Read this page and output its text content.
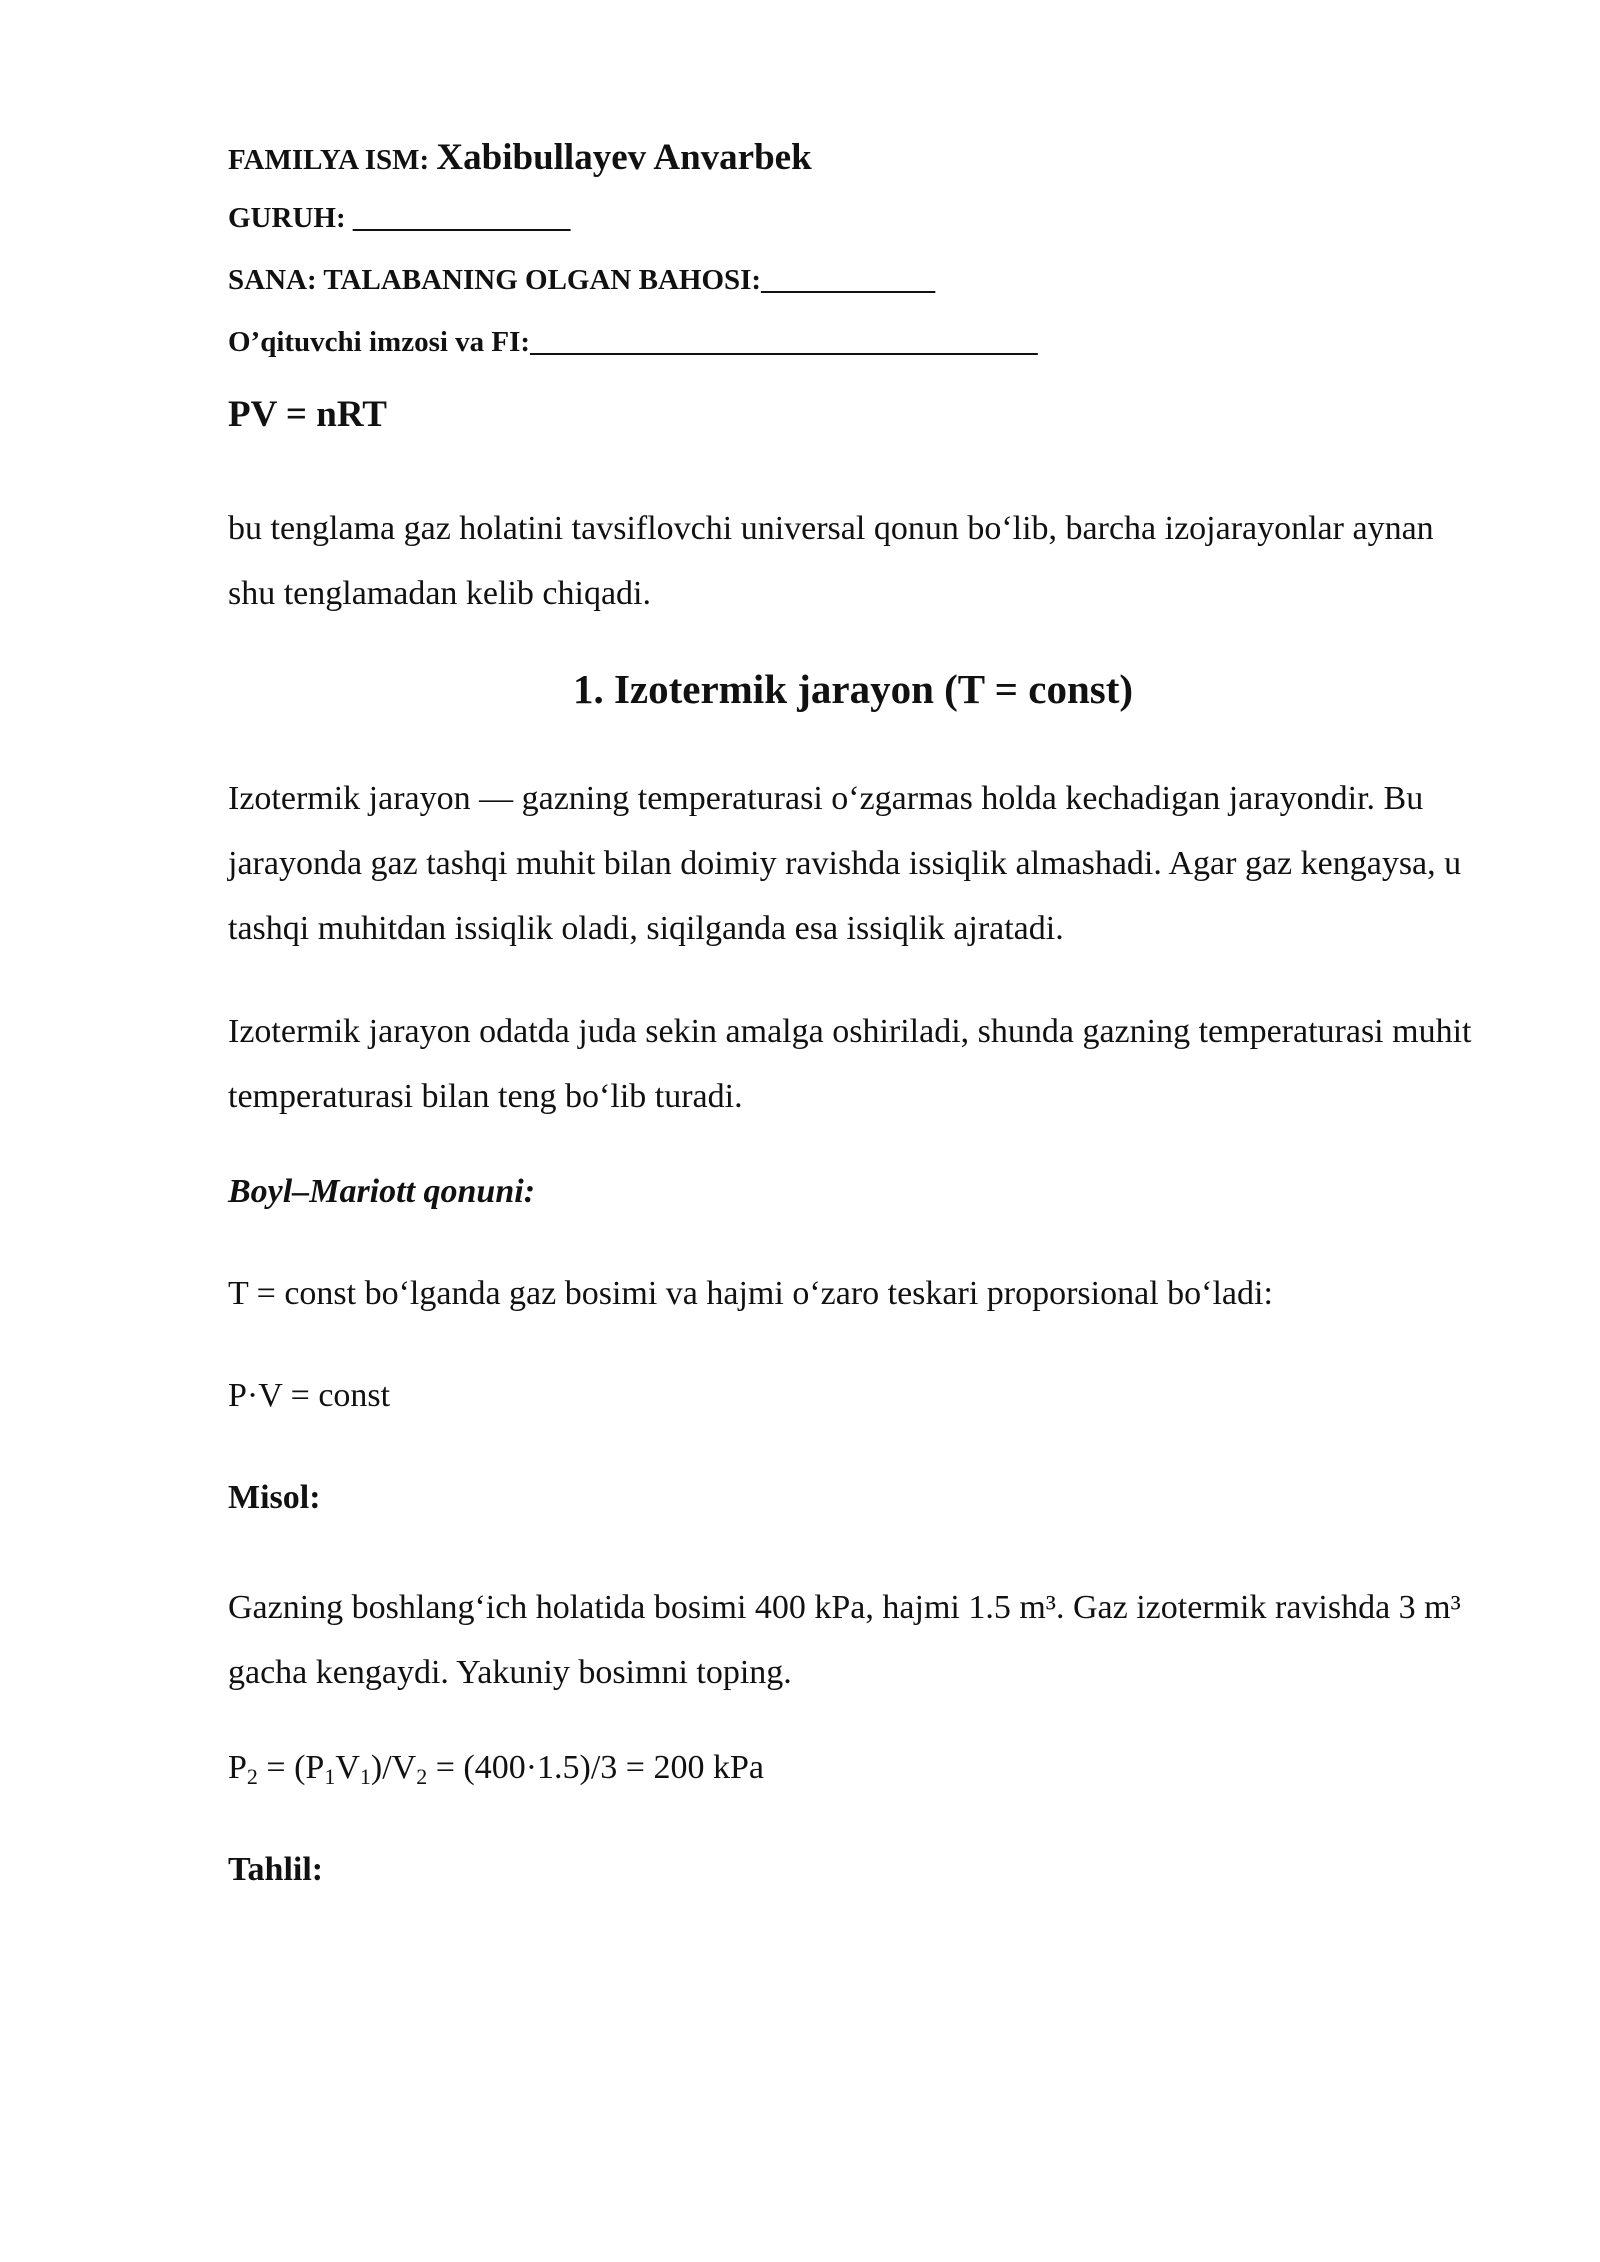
FAMILYA ISM: Xabibullayev Anvarbek
GURUH: _______________
SANA: TALABANING OLGAN BAHOSI:____________
O’qituvchi imzosi va FI:___________________________________
PV = nRT

bu tenglama gaz holatini tavsiflovchi universal qonun bo‘lib, barcha izojarayonlar aynan shu tenglamadan kelib chiqadi.

1. Izotermik jarayon (T = const)

Izotermik jarayon — gazning temperaturasi o‘zgarmas holda kechadigan jarayondir. Bu jarayonda gaz tashqi muhit bilan doimiy ravishda issiqlik almashadi. Agar gaz kengaysa, u tashqi muhitdan issiqlik oladi, siqilganda esa issiqlik ajratadi.

Izotermik jarayon odatda juda sekin amalga oshiriladi, shunda gazning temperaturasi muhit temperaturasi bilan teng bo‘lib turadi.

Boyl–Mariott qonuni:
T = const bo‘lganda gaz bosimi va hajmi o‘zaro teskari proporsional bo‘ladi:
P·V = const
Misol:

Gazning boshlang‘ich holatida bosimi 400 kPa, hajmi 1.5 m³. Gaz izotermik ravishda 3 m³ gacha kengaydi. Yakuniy bosimni toping.

$P_2 = (P_1V_1)/V_2 = (400\cdot 1.5)/3 = 200$ kPa
Tahlil:
